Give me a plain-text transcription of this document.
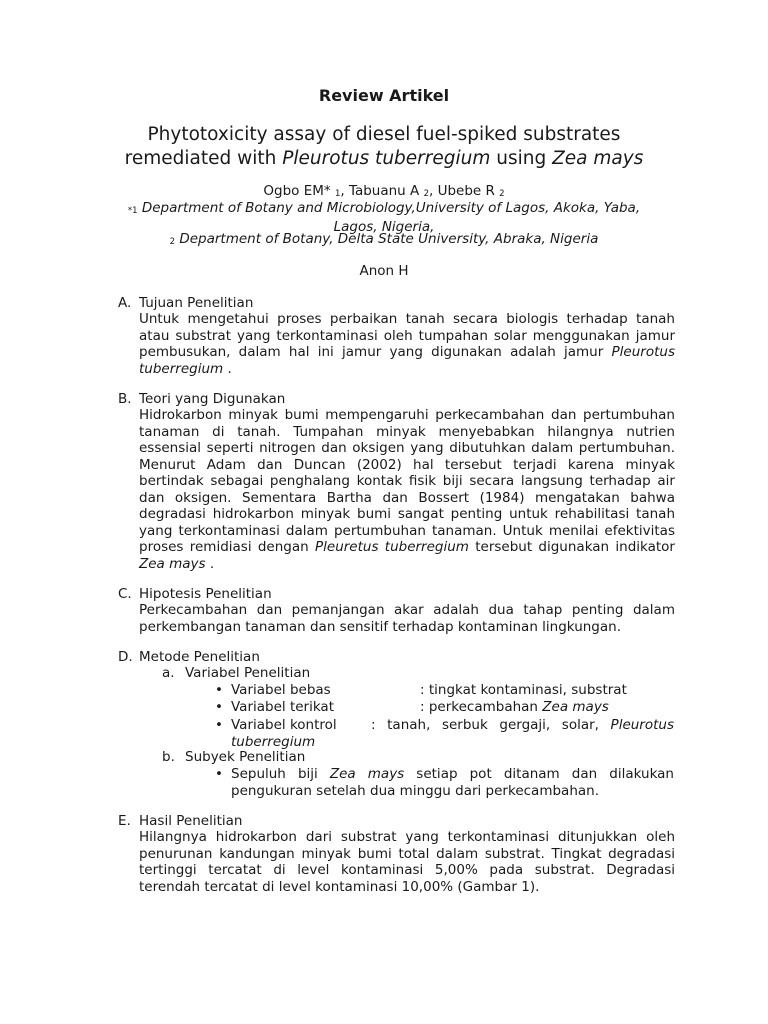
Review Artikel
Phytotoxicity assay of diesel fuel-spiked substrates
remediated with Pleurotus tuberregium using Zea mays
Ogbo EM* $_1$, Tabuanu A $_2$, Ubebe R $_2$
$_{*1}$ Department of Botany and Microbiology,University of Lagos, Akoka, Yaba,
Lagos, Nigeria,
$_2$ Department of Botany, Delta State University, Abraka, Nigeria
Anon H
A. Tujuan Penelitian
Untuk mengetahui proses perbaikan tanah secara biologis terhadap tanah atau substrat yang terkontaminasi oleh tumpahan solar menggunakan jamur pembusukan, dalam hal ini jamur yang digunakan adalah jamur Pleurotus tuberregium .
B. Teori yang Digunakan
Hidrokarbon minyak bumi mempengaruhi perkecambahan dan pertumbuhan tanaman di tanah. Tumpahan minyak menyebabkan hilangnya nutrien essensial seperti nitrogen dan oksigen yang dibutuhkan dalam pertumbuhan. Menurut Adam dan Duncan (2002) hal tersebut terjadi karena minyak bertindak sebagai penghalang kontak fisik biji secara langsung terhadap air dan oksigen. Sementara Bartha dan Bossert (1984) mengatakan bahwa degradasi hidrokarbon minyak bumi sangat penting untuk rehabilitasi tanah yang terkontaminasi dalam pertumbuhan tanaman. Untuk menilai efektivitas proses remidiasi dengan Pleuretus tuberregium tersebut digunakan indikator Zea mays .
C. Hipotesis Penelitian
Perkecambahan dan pemanjangan akar adalah dua tahap penting dalam perkembangan tanaman dan sensitif terhadap kontaminan lingkungan.
D. Metode Penelitian
a. Variabel Penelitian
• Variabel bebas	: tingkat kontaminasi, substrat
• Variabel terikat	: perkecambahan Zea mays
• Variabel kontrol	: tanah, serbuk gergaji, solar, Pleurotus
tuberregium
b. Subyek Penelitian
• Sepuluh biji Zea mays setiap pot ditanam dan dilakukan pengukuran setelah dua minggu dari perkecambahan.
E. Hasil Penelitian
Hilangnya hidrokarbon dari substrat yang terkontaminasi ditunjukkan oleh penurunan kandungan minyak bumi total dalam substrat. Tingkat degradasi tertinggi tercatat di level kontaminasi 5,00% pada substrat. Degradasi terendah tercatat di level kontaminasi 10,00% (Gambar 1).
